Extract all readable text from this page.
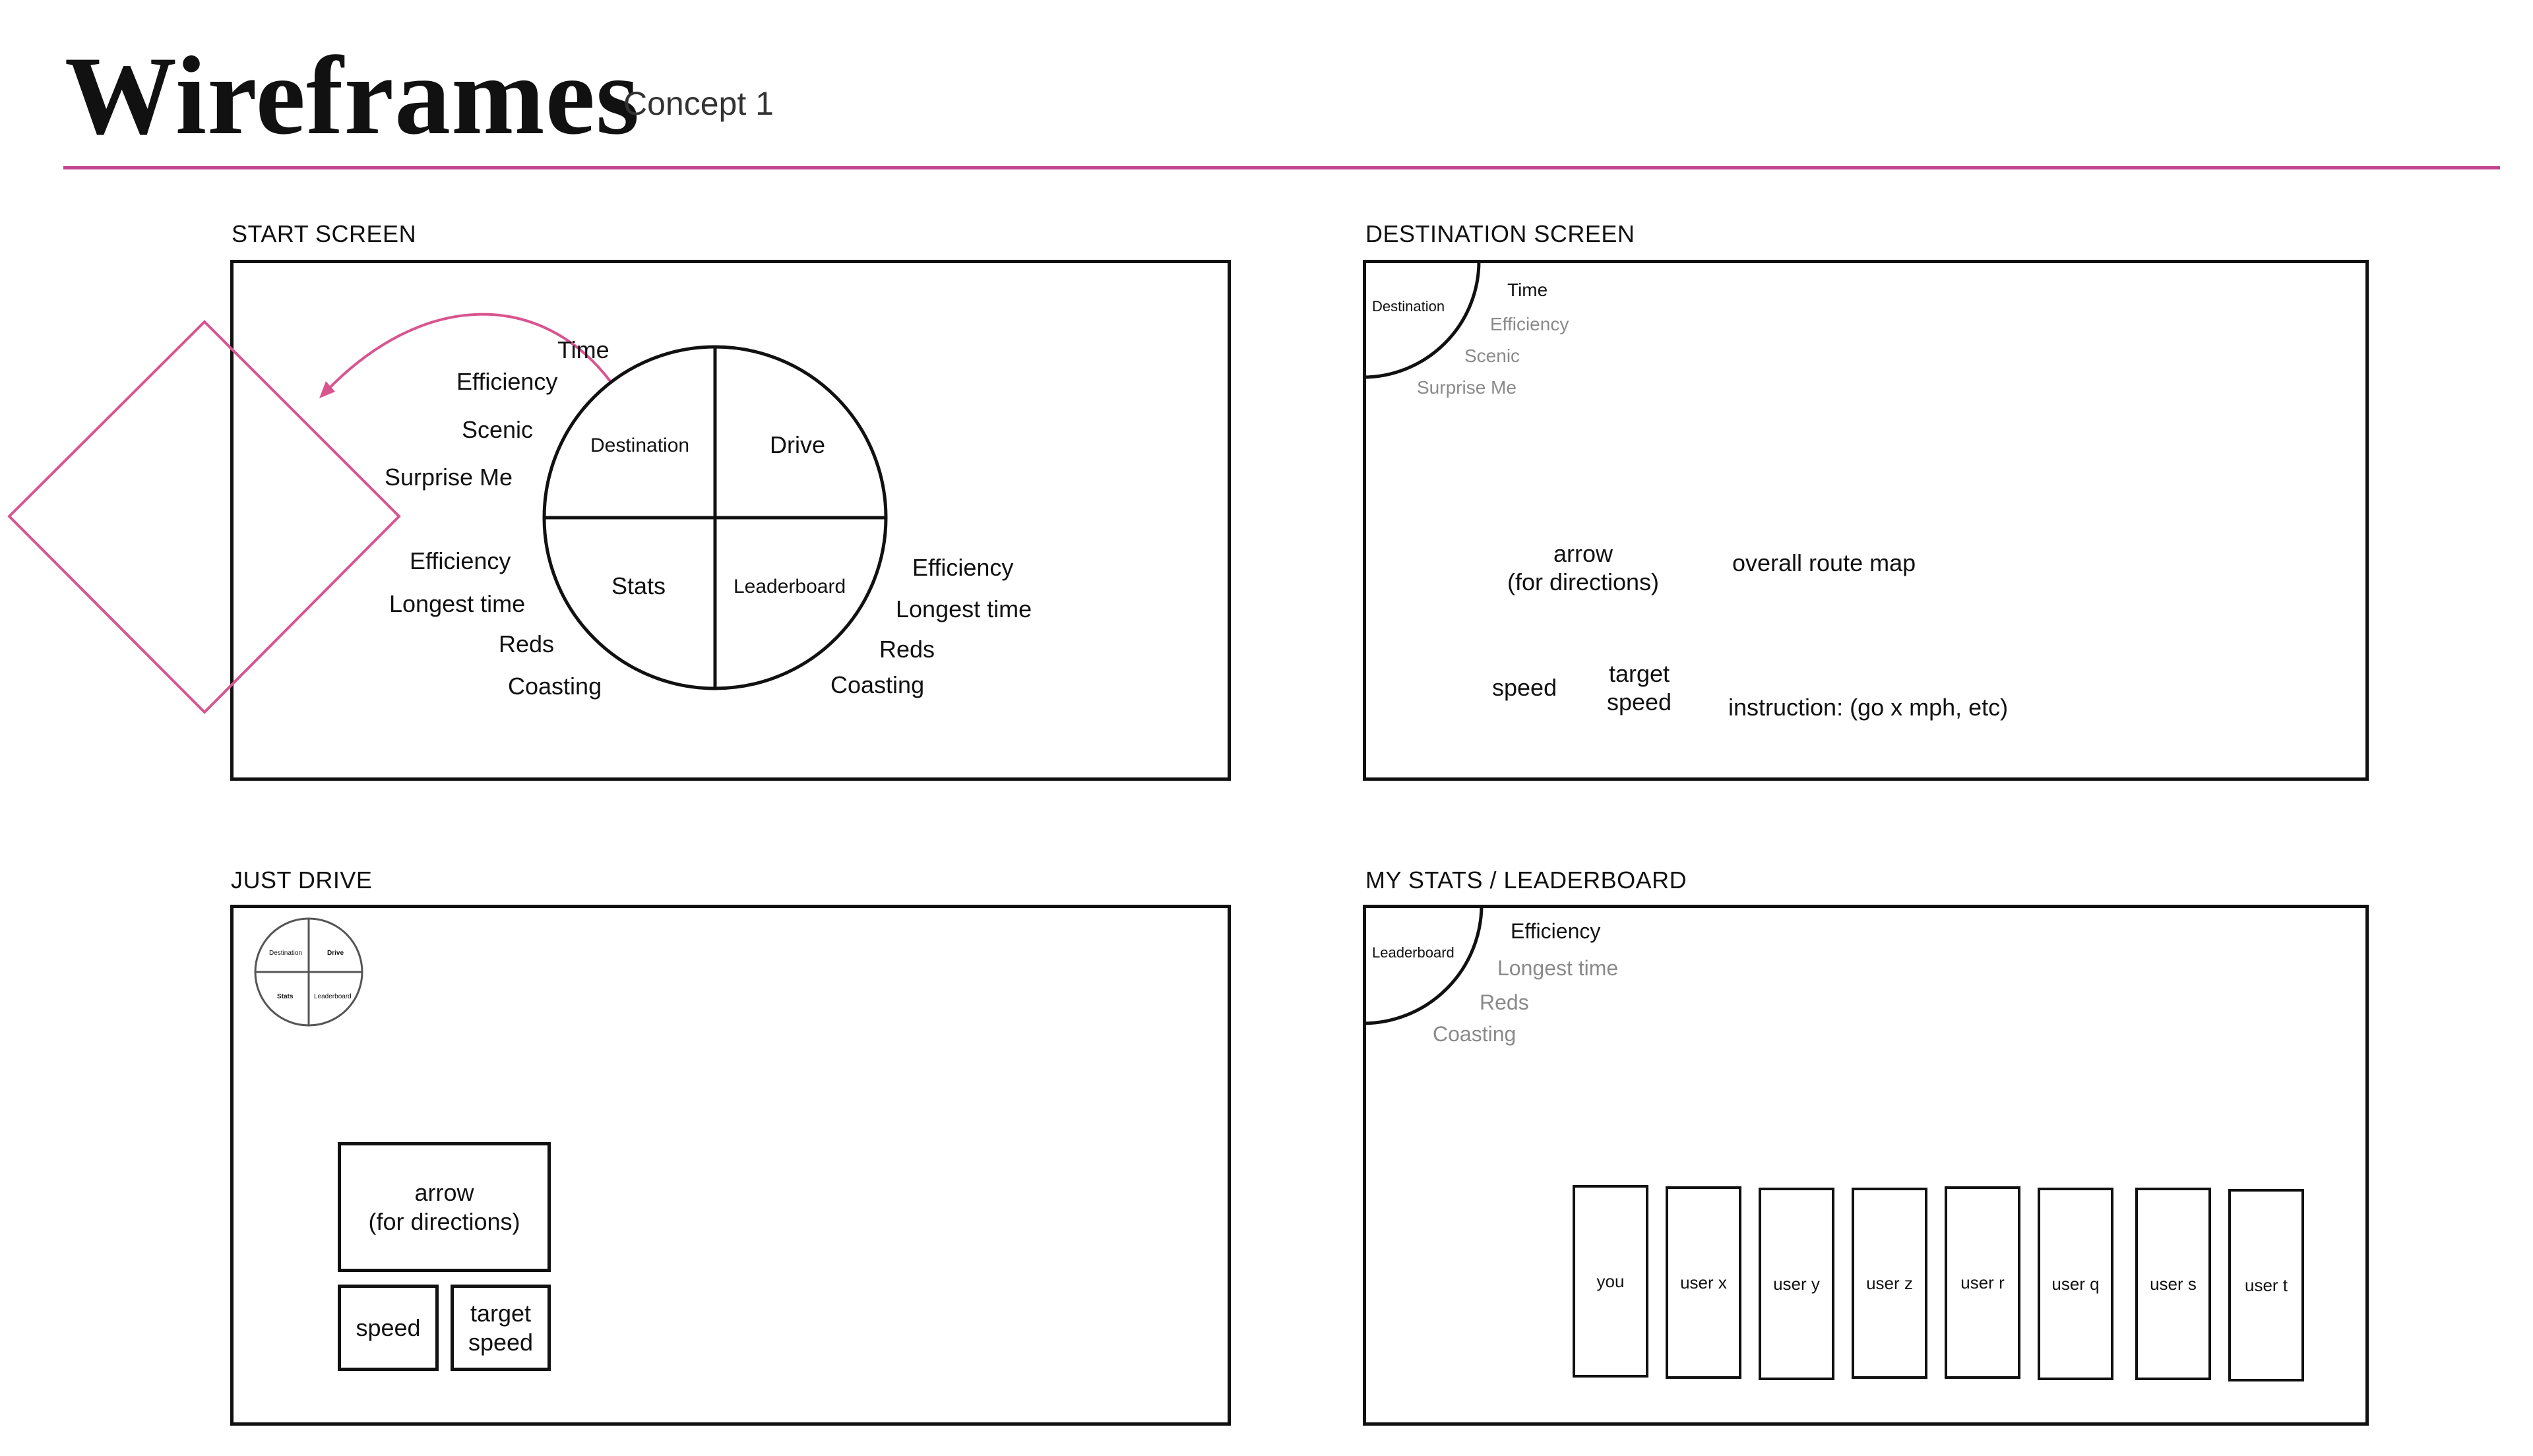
Wireframes
Concept 1
START SCREEN
Destination	Drive
Stats	Leaderboard
Time
Efficiency
Scenic
Surprise Me
Efficiency
Longest time
Reds
Coasting
Efficiency
Longest time
Reds
Coasting
DESTINATION SCREEN
Destination
Time
Efficiency
Scenic
Surprise Me
arrow
(for directions)
overall route map
speed
target
speed	instruction: (go x mph, etc)
JUST DRIVE
Destination	Drive
Stats	Leaderboard
arrow
(for directions)
speed
target
speed
MY STATS / LEADERBOARD
Leaderboard
Efficiency
Longest time
Reds
Coasting
you	user x	user y	user z	user r	user q	user s	user t
